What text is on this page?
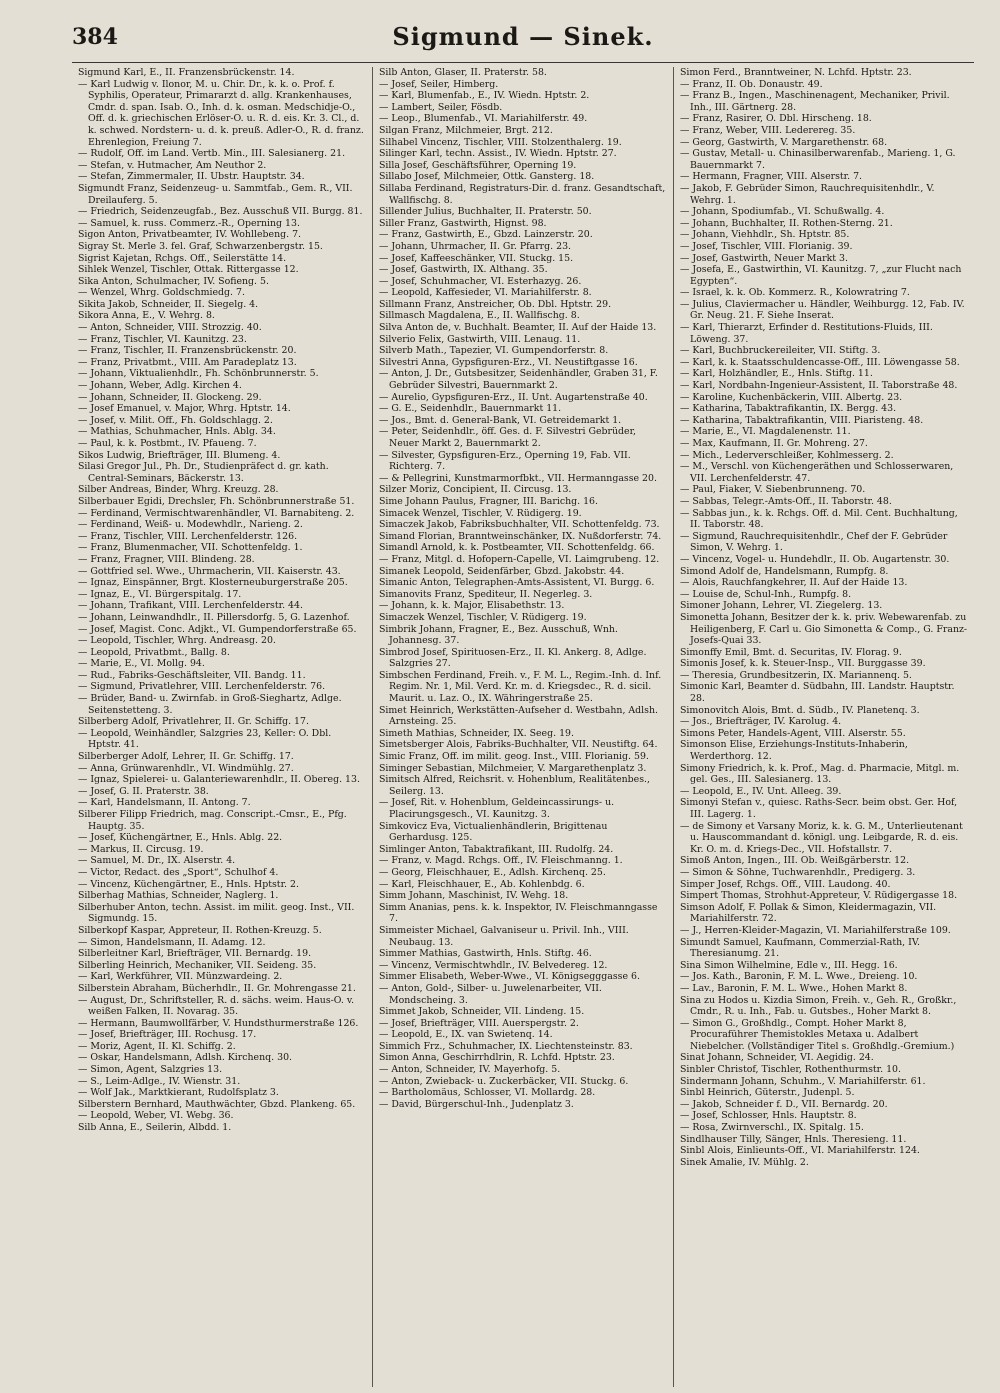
384	Sigmund — Sinek.

Sigmund Karl, E., II. Franzensbrückenstr. 14.

— Karl Ludwig v. Ilonor, M. u. Chir. Dr., k. k. o. Prof. f. Syphilis, Operateur, Primararzt d. allg. Krankenhauses, Cmdr. d. span. Isab. O., Inh. d. k. osman. Medschidje-O., Off. d. k. griechischen Erlöser-O. u. R. d. eis. Kr. 3. Cl., d. k. schwed. Nordstern- u. d. k. preuß. Adler-O., R. d. franz. Ehrenlegion, Freiung 7.

— Rudolf, Off. im Land. Vertb. Min., III. Salesianerg. 21.

— Stefan, v. Hutmacher, Am Neuthor 2.

— Stefan, Zimmermaler, II. Ubstr. Hauptstr. 34.

Sigmundt Franz, Seidenzeug- u. Sammtfab., Gem. R., VII. Dreilauferg. 5.

— Friedrich, Seidenzeugfab., Bez. Ausschuß VII. Burgg. 81.

— Samuel, k. russ. Commerz.-R., Operning 13.

Sigon Anton, Privatbeamter, IV. Wohllebeng. 7.

Sigray St. Merle 3. fel. Graf, Schwarzenbergstr. 15.

Sigrist Kajetan, Rchgs. Off., Seilerstätte 14.

Sihlek Wenzel, Tischler, Ottak. Rittergasse 12.

Sika Anton, Schulmacher, IV. Sofieng. 5.

— Wenzel, Whrg. Goldschmiedg. 7.

Sikita Jakob, Schneider, II. Siegelg. 4.

Sikora Anna, E., V. Wehrg. 8.

— Anton, Schneider, VIII. Strozzig. 40.

— Franz, Tischler, VI. Kaunitzg. 23.

— Franz, Tischler, II. Franzensbrückenstr. 20.

— Franz, Privatbmt., VIII. Am Paradeplatz 13.

— Johann, Viktualienhdlr., Fh. Schönbrunnerstr. 5.

— Johann, Weber, Adlg. Kirchen 4.

— Johann, Schneider, II. Glockeng. 29.

— Josef Emanuel, v. Major, Whrg. Hptstr. 14.

— Josef, v. Milit. Off., Fh. Goldschlagg. 2.

— Mathias, Schuhmacher, Hnls. Ablg. 34.

— Paul, k. k. Postbmt., IV. Pfaueng. 7.

Sikos Ludwig, Briefträger, III. Blumeng. 4.

Silasi Gregor Jul., Ph. Dr., Studienpräfect d. gr. kath. Central-Seminars, Bäckerstr. 13.

Silber Andreas, Binder, Whrg. Kreuzg. 28.

Silberbauer Egidi, Drechsler, Fh. Schönbrunnerstraße 51.

— Ferdinand, Vermischtwarenhändler, VI. Barnabiteng. 2.

— Ferdinand, Weiß- u. Modewhdlr., Narieng. 2.

— Franz, Tischler, VIII. Lerchenfelderstr. 126.

— Franz, Blumenmacher, VII. Schottenfeldg. 1.

— Franz, Fragner, VIII. Blindeng. 28.

— Gottfried sel. Wwe., Uhrmacherin, VII. Kaiserstr. 43.

— Ignaz, Einspänner, Brgt. Klosterneuburgerstraße 205.

— Ignaz, E., VI. Bürgerspitalg. 17.

— Johann, Trafikant, VIII. Lerchenfelderstr. 44.

— Johann, Leinwandhdlr., II. Pillersdorfg. 5, G. Lazenhof.

— Josef, Magist. Conc. Adjkt., VI. Gumpendorferstraße 65.

— Leopold, Tischler, Whrg. Andreasg. 20.

— Leopold, Privatbmt., Ballg. 8.

— Marie, E., VI. Mollg. 94.

— Rud., Fabriks-Geschäftsleiter, VII. Bandg. 11.

— Sigmund, Privatlehrer, VIII. Lerchenfelderstr. 76.

— Brüder, Band- u. Zwirnfab. in Groß-Sieghartz, Adlge. Seitenstetteng. 3.

Silberberg Adolf, Privatlehrer, II. Gr. Schiffg. 17.

— Leopold, Weinhändler, Salzgries 23, Keller: O. Dbl. Hptstr. 41.

Silberberger Adolf, Lehrer, II. Gr. Schiffg. 17.

— Anna, Grünwarenhdlr., VI. Windmühlg. 27.

— Ignaz, Spielerei- u. Galanteriewarenhdlr., II. Obereg. 13.

— Josef, G. II. Praterstr. 38.

— Karl, Handelsmann, II. Antong. 7.

Silberer Filipp Friedrich, mag. Conscript.-Cmsr., E., Pfg. Hauptg. 35.

— Josef, Küchengärtner, E., Hnls. Ablg. 22.

— Markus, II. Circusg. 19.

— Samuel, M. Dr., IX. Alserstr. 4.

— Victor, Redact. des „Sport“, Schulhof 4.

— Vincenz, Küchengärtner, E., Hnls. Hptstr. 2.

Silberhag Mathias, Schneider, Naglerg. 1.

Silberhuber Anton, techn. Assist. im milit. geog. Inst., VII. Sigmundg. 15.

Silberkopf Kaspar, Appreteur, II. Rothen-Kreuzg. 5.

— Simon, Handelsmann, II. Adamg. 12.

Silberleitner Karl, Briefträger, VII. Bernardg. 19.

Silberling Heinrich, Mechaniker, VII. Seideng. 35.

— Karl, Werkführer, VII. Münzwardeing. 2.

Silberstein Abraham, Bücherhdlr., II. Gr. Mohrengasse 21.

— August, Dr., Schriftsteller, R. d. sächs. weim. Haus-O. v. weißen Falken, II. Novarag. 35.

— Hermann, Baumwollfärber, V. Hundsthurmerstraße 126.

— Josef, Briefträger, III. Rochusg. 17.

— Moriz, Agent, II. Kl. Schiffg. 2.

— Oskar, Handelsmann, Adlsh. Kirchenq. 30.

— Simon, Agent, Salzgries 13.

— S., Leim-Adlge., IV. Wienstr. 31.

— Wolf Jak., Marktkierant, Rudolfsplatz 3.

Silberstern Bernhard, Mauthwächter, Gbzd. Plankeng. 65.

— Leopold, Weber, VI. Webg. 36.

Silb Anna, E., Seilerin, Albdd. 1.

Silb Anton, Glaser, II. Praterstr. 58.

— Josef, Seiler, Himberg.

— Karl, Blumenfab., E., IV. Wiedn. Hptstr. 2.

— Lambert, Seiler, Fösdb.

— Leop., Blumenfab., VI. Mariahilferstr. 49.

Silgan Franz, Milchmeier, Brgt. 212.

Silhabel Vincenz, Tischler, VIII. Stolzenthalerg. 19.

Silinger Karl, techn. Assist., IV. Wiedn. Hptstr. 27.

Silla Josef, Geschäftsführer, Operning 19.

Sillabo Josef, Milchmeier, Ottk. Gansterg. 18.

Sillaba Ferdinand, Registraturs-Dir. d. franz. Gesandtschaft, Wallfischg. 8.

Sillender Julius, Buchhalter, II. Praterstr. 50.

Siller Franz, Gastwirth, Hignst. 98.

— Franz, Gastwirth, E., Gbzd. Lainzerstr. 20.

— Johann, Uhrmacher, II. Gr. Pfarrg. 23.

— Josef, Kaffeeschänker, VII. Stuckg. 15.

— Josef, Gastwirth, IX. Althang. 35.

— Josef, Schuhmacher, VI. Esterhazyg. 26.

— Leopold, Kaffesieder, VI. Mariahilferstr. 8.

Sillmann Franz, Anstreicher, Ob. Dbl. Hptstr. 29.

Sillmasch Magdalena, E., II. Wallfischg. 8.

Silva Anton de, v. Buchhalt. Beamter, II. Auf der Haide 13.

Silverio Felix, Gastwirth, VIII. Lenaug. 11.

Silverb Math., Tapezier, VI. Gumpendorferstr. 8.

Silvestri Anna, Gypsfiguren-Erz., VI. Neustiftgasse 16.

— Anton, J. Dr., Gutsbesitzer, Seidenhändler, Graben 31, F. Gebrüder Silvestri, Bauernmarkt 2.

— Aurelio, Gypsfiguren-Erz., II. Unt. Augartenstraße 40.

— G. E., Seidenhdlr., Bauernmarkt 11.

— Jos., Bmt. d. General-Bank, VI. Getreidemarkt 1.

— Peter, Seidenhdlr., öff. Ges. d. F. Silvestri Gebrüder, Neuer Markt 2, Bauernmarkt 2.

— Silvester, Gypsfiguren-Erz., Operning 19, Fab. VII. Richterg. 7.

— & Pellegrini, Kunstmarmorfbkt., VII. Hermanngasse 20.

Silzer Moriz, Concipient, II. Circusg. 13.

Sime Johann Paulus, Fragner, III. Barichg. 16.

Simacek Wenzel, Tischler, V. Rüdigerg. 19.

Simaczek Jakob, Fabriksbuchhalter, VII. Schottenfeldg. 73.

Simand Florian, Branntweinschänker, IX. Nußdorferstr. 74.

Simandl Arnold, k. k. Postbeamter, VII. Schottenfeldg. 66.

— Franz, Mitgl. d. Hofopern-Capelle, VI. Laimgrubeng. 12.

Simanek Leopold, Seidenfärber, Gbzd. Jakobstr. 44.

Simanic Anton, Telegraphen-Amts-Assistent, VI. Burgg. 6.

Simanovits Franz, Spediteur, II. Negerleg. 3.

— Johann, k. k. Major, Elisabethstr. 13.

Simaczek Wenzel, Tischler, V. Rüdigerg. 19.

Simbrik Johann, Fragner, E., Bez. Ausschuß, Wnh. Johannesg. 37.

Simbrod Josef, Spirituosen-Erz., II. Kl. Ankerg. 8, Adlge. Salzgries 27.

Simbschen Ferdinand, Freih. v., F. M. L., Regim.-Inh. d. Inf. Regim. Nr. 1, Mil. Verd. Kr. m. d. Kriegsdec., R. d. sicil. Maurit. u. Laz. O., IX. Währingerstraße 25.

Simet Heinrich, Werkstätten-Aufseher d. Westbahn, Adlsh. Arnsteing. 25.

Simeth Mathias, Schneider, IX. Seeg. 19.

Simetsberger Alois, Fabriks-Buchhalter, VII. Neustiftg. 64.

Simic Franz, Off. im milit. geog. Inst., VIII. Florianig. 59.

Siminger Sebastian, Milchmeier, V. Margarethenplatz 3.

Simitsch Alfred, Reichsrit. v. Hohenblum, Realitätenbes., Seilerg. 13.

— Josef, Rit. v. Hohenblum, Geldeincassirungs- u. Placirungsgesch., VI. Kaunitzg. 3.

Simkovicz Eva, Victualienhändlerin, Brigittenau Gerhardusg. 125.

Simlinger Anton, Tabaktrafikant, III. Rudolfg. 24.

— Franz, v. Magd. Rchgs. Off., IV. Fleischmanng. 1.

— Georg, Fleischhauer, E., Adlsh. Kirchenq. 25.

— Karl, Fleischhauer, E., Ab. Kohlenbdg. 6.

Simm Johann, Maschinist, IV. Wehg. 18.

Simm Ananias, pens. k. k. Inspektor, IV. Fleischmanngasse 7.

Simmeister Michael, Galvaniseur u. Privil. Inh., VIII. Neubaug. 13.

Simmer Mathias, Gastwirth, Hnls. Stiftg. 46.

— Vincenz, Vermischtwhdlr., IV. Belvedereg. 12.

Simmer Elisabeth, Weber-Wwe., VI. Königsegggasse 6.

— Anton, Gold-, Silber- u. Juwelenarbeiter, VII. Mondscheing. 3.

Simmet Jakob, Schneider, VII. Lindeng. 15.

— Josef, Briefträger, VIII. Auerspergstr. 2.

— Leopold, E., IX. van Swietenq. 14.

Simmich Frz., Schuhmacher, IX. Liechtensteinstr. 83.

Simon Anna, Geschirrhdlrin, R. Lchfd. Hptstr. 23.

— Anton, Schneider, IV. Mayerhofg. 5.

— Anton, Zwieback- u. Zuckerbäcker, VII. Stuckg. 6.

— Bartholomäus, Schlosser, VI. Mollardg. 28.

— David, Bürgerschul-Inh., Judenplatz 3.

Simon Ferd., Branntweiner, N. Lchfd. Hptstr. 23.

— Franz, II. Ob. Donaustr. 49.

— Franz B., Ingen., Maschinenagent, Mechaniker, Privil. Inh., III. Gärtnerg. 28.

— Franz, Rasirer, O. Dbl. Hirscheng. 18.

— Franz, Weber, VIII. Lederereg. 35.

— Georg, Gastwirth, V. Margarethenstr. 68.

— Gustav, Metall- u. Chinasilberwarenfab., Marieng. 1, G. Bauernmarkt 7.

— Hermann, Fragner, VIII. Alserstr. 7.

— Jakob, F. Gebrüder Simon, Rauchrequisitenhdlr., V. Wehrg. 1.

— Johann, Spodiumfab., VI. Schußwallg. 4.

— Johann, Buchhalter, II. Rothen-Sterng. 21.

— Johann, Viehhdlr., Sh. Hptstr. 85.

— Josef, Tischler, VIII. Florianig. 39.

— Josef, Gastwirth, Neuer Markt 3.

— Josefa, E., Gastwirthin, VI. Kaunitzg. 7, „zur Flucht nach Egypten“.

— Israel, k. k. Ob. Kommerz. R., Kolowratring 7.

— Julius, Claviermacher u. Händler, Weihburgg. 12, Fab. IV. Gr. Neug. 21. F. Siehe Inserat.

— Karl, Thierarzt, Erfinder d. Restitutions-Fluids, III. Löweng. 37.

— Karl, Buchbruckereileiter, VII. Stiftg. 3.

— Karl, k. k. Staatsschuldencasse-Off., III. Löwengasse 58.

— Karl, Holzhändler, E., Hnls. Stiftg. 11.

— Karl, Nordbahn-Ingenieur-Assistent, II. Taborstraße 48.

— Karoline, Kuchenbäckerin, VIII. Albertg. 23.

— Katharina, Tabaktrafikantin, IX. Bergg. 43.

— Katharina, Tabaktrafikantin, VIII. Piaristeng. 48.

— Marie, E., VI. Magdalenenstr. 11.

— Max, Kaufmann, II. Gr. Mohreng. 27.

— Mich., Lederverschleißer, Kohlmesserg. 2.

— M., Verschl. von Küchengeräthen und Schlosserwaren, VII. Lerchenfelderstr. 47.

— Paul, Fiaker, V. Siebenbrunneng. 70.

— Sabbas, Telegr.-Amts-Off., II. Taborstr. 48.

— Sabbas jun., k. k. Rchgs. Off. d. Mil. Cent. Buchhaltung, II. Taborstr. 48.

— Sigmund, Rauchrequisitenhdlr., Chef der F. Gebrüder Simon, V. Wehrg. 1.

— Vincenz, Vogel- u. Hundehdlr., II. Ob. Augartenstr. 30.

Simond Adolf de, Handelsmann, Rumpfg. 8.

— Alois, Rauchfangkehrer, II. Auf der Haide 13.

— Louise de, Schul-Inh., Rumpfg. 8.

Simoner Johann, Lehrer, VI. Ziegelerg. 13.

Simonetta Johann, Besitzer der k. k. priv. Webewarenfab. zu Heiligenberg, F. Carl u. Gio Simonetta & Comp., G. Franz-Josefs-Quai 33.

Simonffy Emil, Bmt. d. Securitas, IV. Florag. 9.

Simonis Josef, k. k. Steuer-Insp., VII. Burggasse 39.

— Theresia, Grundbesitzerin, IX. Mariannenq. 5.

Simonic Karl, Beamter d. Südbahn, III. Landstr. Hauptstr. 28.

Simonovitch Alois, Bmt. d. Südb., IV. Planetenq. 3.

— Jos., Briefträger, IV. Karolug. 4.

Simons Peter, Handels-Agent, VIII. Alserstr. 55.

Simonson Elise, Erziehungs-Instituts-Inhaberin, Werderthorg. 12.

Simony Friedrich, k. k. Prof., Mag. d. Pharmacie, Mitgl. m. gel. Ges., III. Salesianerg. 13.

— Leopold, E., IV. Unt. Alleeg. 39.

Simonyi Stefan v., quiesc. Raths-Secr. beim obst. Ger. Hof, III. Lagerg. 1.

— de Simony et Varsany Moriz, k. k. G. M., Unterlieutenant u. Hauscommandant d. königl. ung. Leibgarde, R. d. eis. Kr. O. m. d. Kriegs-Dec., VII. Hofstallstr. 7.

Simoß Anton, Ingen., III. Ob. Weißgärberstr. 12.

— Simon & Söhne, Tuchwarenhdlr., Predigerg. 3.

Simper Josef, Rchgs. Off., VIII. Laudong. 40.

Simpert Thomas, Strohhut-Appreteur, V. Rüdigergasse 18.

Simson Adolf, F. Pollak & Simon, Kleidermagazin, VII. Mariahilferstr. 72.

— J., Herren-Kleider-Magazin, VI. Mariahilferstraße 109.

Simundt Samuel, Kaufmann, Commerzial-Rath, IV. Theresianumg. 21.

Sina Simon Wilhelmine, Edle v., III. Hegg. 16.

— Jos. Kath., Baronin, F. M. L. Wwe., Dreieng. 10.

— Lav., Baronin, F. M. L. Wwe., Hohen Markt 8.

Sina zu Hodos u. Kizdia Simon, Freih. v., Geh. R., Großkr., Cmdr., R. u. Inh., Fab. u. Gutsbes., Hoher Markt 8.

— Simon G., Großhdlg., Compt. Hoher Markt 8, Procuraführer Themistokles Metaxa u. Adalbert Niebelcher. (Vollständiger Titel s. Großhdlg.-Gremium.)

Sinat Johann, Schneider, VI. Aegidig. 24.

Sinbler Christof, Tischler, Rothenthurmstr. 10.

Sindermann Johann, Schuhm., V. Mariahilferstr. 61.

Sinbl Heinrich, Güterstr., Judenpl. 5.

— Jakob, Schneider f. D., VII. Bernardg. 20.

— Josef, Schlosser, Hnls. Hauptstr. 8.

— Rosa, Zwirnverschl., IX. Spitalg. 15.

Sindlhauser Tilly, Sänger, Hnls. Theresieng. 11.

Sinbl Alois, Einlieunts-Off., VI. Mariahilferstr. 124.

Sinek Amalie, IV. Mühlg. 2.
